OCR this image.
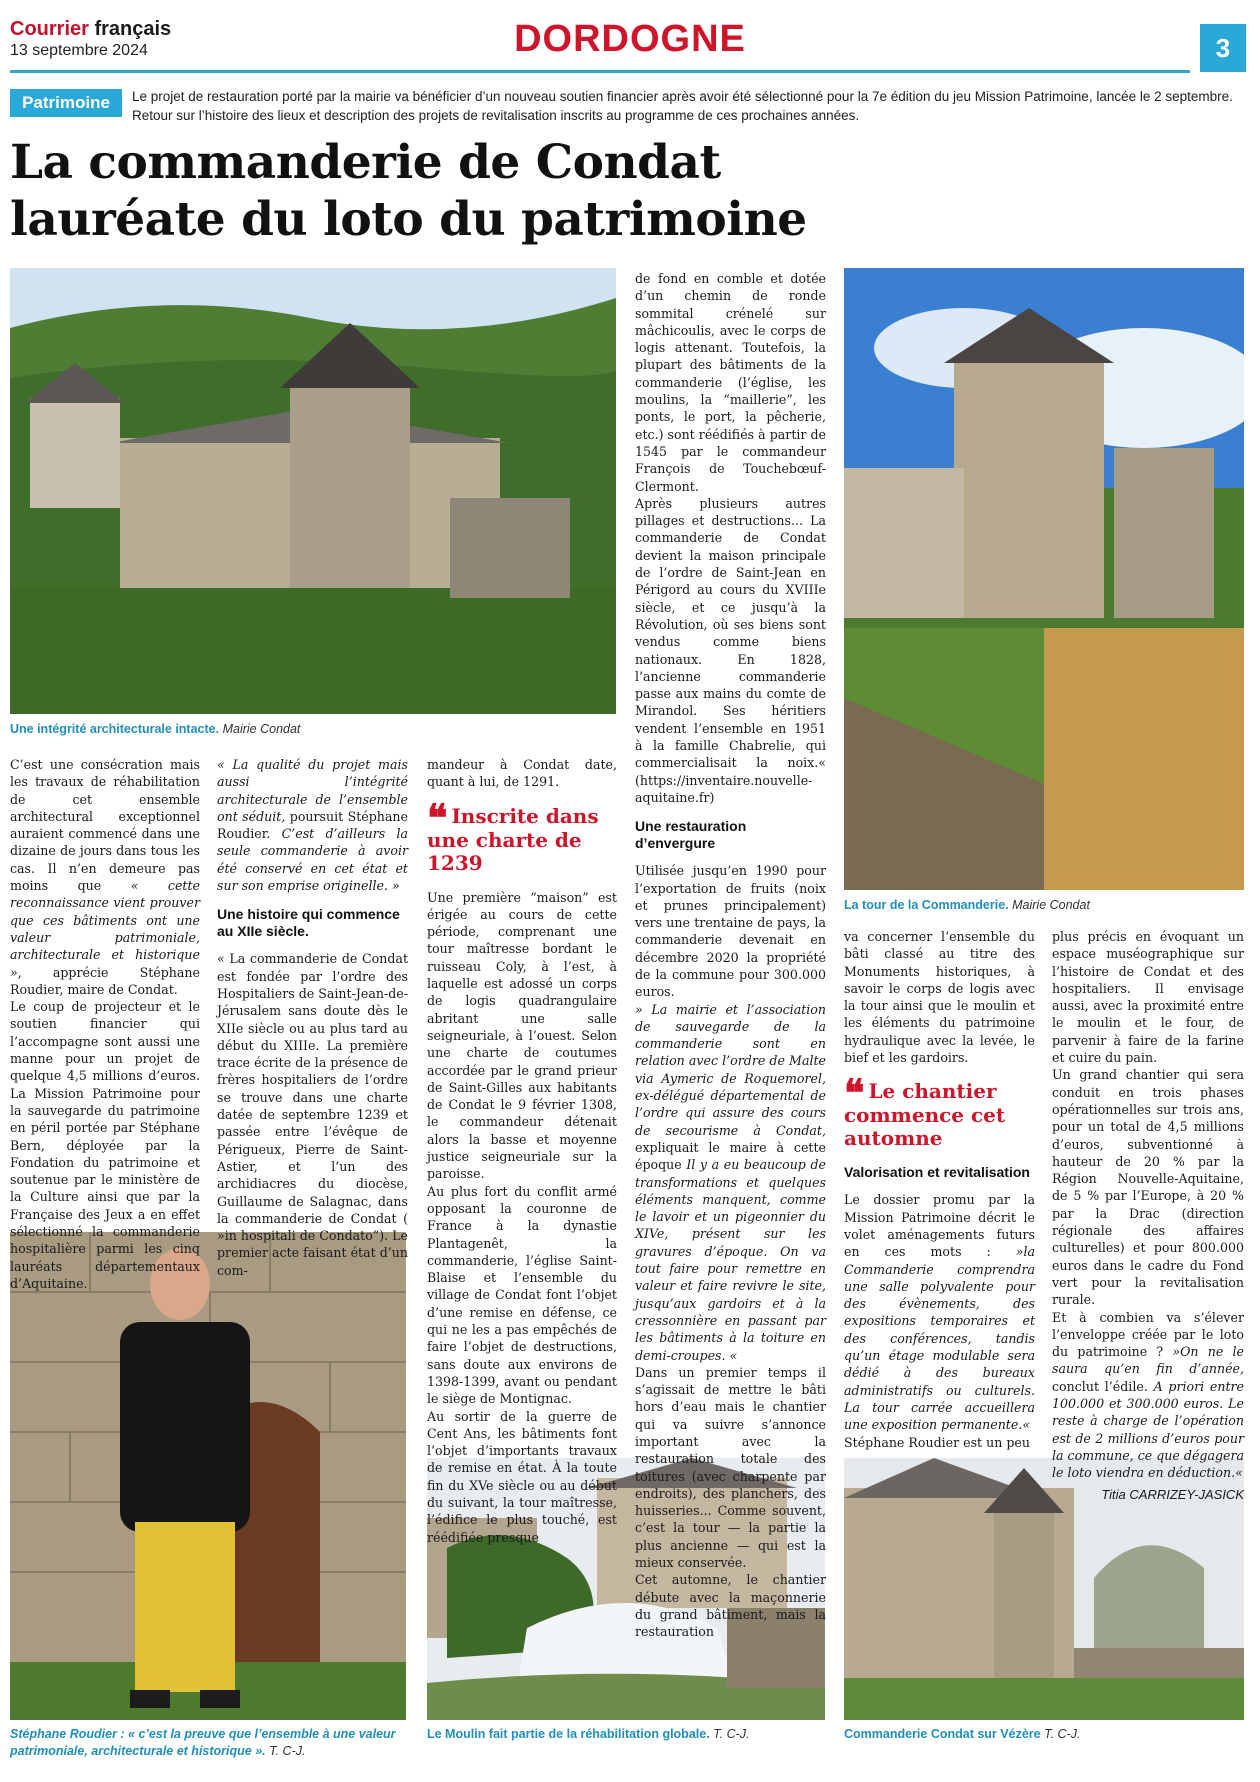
Courrier français
13 septembre 2024	DORDOGNE	3
Patrimoine	Le projet de restauration porté par la mairie va bénéficier d’un nouveau soutien financier après avoir été sélectionné pour la 7e édition du jeu Mission Patrimoine, lancée le 2 septembre. Retour sur l’histoire des lieux et description des projets de revitalisation inscrits au programme de ces prochaines années.
La commanderie de Condat
lauréate du loto du patrimoine
Une intégrité architecturale intacte. Mairie Condat
La tour de la Commanderie. Mairie Condat
Stéphane Roudier : « c’est la preuve que l’ensemble à une valeur patrimoniale, architecturale et historique ». T. C-J.
Le Moulin fait partie de la réhabilitation globale. T. C-J.	Commanderie Condat sur Vézère T. C-J.

C’est une consécration mais les travaux de réhabilitation de cet ensemble architectural exceptionnel auraient commencé dans une dizaine de jours dans tous les cas. Il n’en demeure pas moins que « cette reconnaissance vient prouver que ces bâtiments ont une valeur patrimoniale, architecturale et historique », apprécie Stéphane Roudier, maire de Condat.

Le coup de projecteur et le soutien financier qui l’accompagne sont aussi une manne pour un projet de quelque 4,5 millions d’euros. La Mission Patrimoine pour la sauvegarde du patrimoine en péril portée par Stéphane Bern, déployée par la Fondation du patrimoine et soutenue par le ministère de la Culture ainsi que par la Française des Jeux a en effet sélectionné la commanderie hospitalière parmi les cinq lauréats départementaux d’Aquitaine.

« La qualité du projet mais aussi l’intégrité architecturale de l’ensemble ont séduit, poursuit Stéphane Roudier. C’est d’ailleurs la seule commanderie à avoir été conservé en cet état et sur son emprise originelle. »

Une histoire qui commence au XIIe siècle.

« La commanderie de Condat est fondée par l’ordre des Hospitaliers de Saint-Jean-de-Jérusalem sans doute dès le XIIe siècle ou au plus tard au début du XIIIe. La première trace écrite de la présence de frères hospitaliers de l’ordre se trouve dans une charte datée de septembre 1239 et passée entre l’évêque de Périgueux, Pierre de Saint-Astier, et l’un des archidiacres du diocèse, Guillaume de Salagnac, dans la commanderie de Condat ( »in hospitali de Condato”). Le premier acte faisant état d’un com-

mandeur à Condat date, quant à lui, de 1291.

❝ Inscrite dans une charte de 1239

Une première “maison” est érigée au cours de cette période, comprenant une tour maîtresse bordant le ruisseau Coly, à l’est, à laquelle est adossé un corps de logis quadrangulaire abritant une salle seigneuriale, à l’ouest. Selon une charte de coutumes accordée par le grand prieur de Saint-Gilles aux habitants de Condat le 9 février 1308, le commandeur détenait alors la basse et moyenne justice seigneuriale sur la paroisse.

Au plus fort du conflit armé opposant la couronne de France à la dynastie Plantagenêt, la commanderie, l’église Saint-Blaise et l’ensemble du village de Condat font l’objet d’une remise en défense, ce qui ne les a pas empêchés de faire l’objet de destructions, sans doute aux environs de 1398-1399, avant ou pendant le siège de Montignac.

Au sortir de la guerre de Cent Ans, les bâtiments font l’objet d’importants travaux de remise en état. À la toute fin du XVe siècle ou au début du suivant, la tour maîtresse, l’édifice le plus touché, est réédifiée presque

de fond en comble et dotée d’un chemin de ronde sommital crénelé sur mâchicoulis, avec le corps de logis attenant. Toutefois, la plupart des bâtiments de la commanderie (l’église, les moulins, la “maillerie”, les ponts, le port, la pêcherie, etc.) sont réédifiés à partir de 1545 par le commandeur François de Touchebœuf-Clermont.

Après plusieurs autres pillages et destructions... La commanderie de Condat devient la maison principale de l’ordre de Saint-Jean en Périgord au cours du XVIIIe siècle, et ce jusqu’à la Révolution, où ses biens sont vendus comme biens nationaux. En 1828, l’ancienne commanderie passe aux mains du comte de Mirandol. Ses héritiers vendent l’ensemble en 1951 à la famille Chabrelie, qui commercialisait la noix.« (https://inventaire.nouvelle-aquitaine.fr)

Une restauration d’envergure

Utilisée jusqu’en 1990 pour l’exportation de fruits (noix et prunes principalement) vers une trentaine de pays, la commanderie devenait en décembre 2020 la propriété de la commune pour 300.000 euros.

» La mairie et l’association de sauvegarde de la commanderie sont en relation avec l’ordre de Malte via Aymeric de Roquemorel, ex-délégué départemental de l’ordre qui assure des cours de secourisme à Condat, expliquait le maire à cette époque Il y a eu beaucoup de transformations et quelques éléments manquent, comme le lavoir et un pigeonnier du XIVe, présent sur les gravures d’époque. On va tout faire pour remettre en valeur et faire revivre le site, jusqu’aux gardoirs et à la cressonnière en passant par les bâtiments à la toiture en demi-croupes. «

Dans un premier temps il s’agissait de mettre le bâti hors d’eau mais le chantier qui va suivre s’annonce important avec la restauration totale des toitures (avec charpente par endroits), des planchers, des huisseries... Comme souvent, c’est la tour — la partie la plus ancienne — qui est la mieux conservée.

Cet automne, le chantier débute avec la maçonnerie du grand bâtiment, mais la restauration

va concerner l’ensemble du bâti classé au titre des Monuments historiques, à savoir le corps de logis avec la tour ainsi que le moulin et les éléments du patrimoine hydraulique avec la levée, le bief et les gardoirs.

❝ Le chantier commence cet automne
Valorisation et revitalisation

Le dossier promu par la Mission Patrimoine décrit le volet aménagements futurs en ces mots : »la Commanderie comprendra une salle polyvalente pour des évènements, des expositions temporaires et des conférences, tandis qu’un étage modulable sera dédié à des bureaux administratifs ou culturels. La tour carrée accueillera une exposition permanente.«

Stéphane Roudier est un peu

plus précis en évoquant un espace muséographique sur l’histoire de Condat et des hospitaliers. Il envisage aussi, avec la proximité entre le moulin et le four, de parvenir à faire de la farine et cuire du pain.

Un grand chantier qui sera conduit en trois phases opérationnelles sur trois ans, pour un total de 4,5 millions d’euros, subventionné à hauteur de 20 % par la Région Nouvelle-Aquitaine, de 5 % par l’Europe, à 20 % par la Drac (direction régionale des affaires culturelles) et pour 800.000 euros dans le cadre du Fond vert pour la revitalisation rurale.

Et à combien va s’élever l’enveloppe créée par le loto du patrimoine ? »On ne le saura qu’en fin d’année, conclut l’édile. A priori entre 100.000 et 300.000 euros. Le reste à charge de l’opération est de 2 millions d’euros pour la commune, ce que dégagera le loto viendra en déduction.«

Titia CARRIZEY-JASICK
